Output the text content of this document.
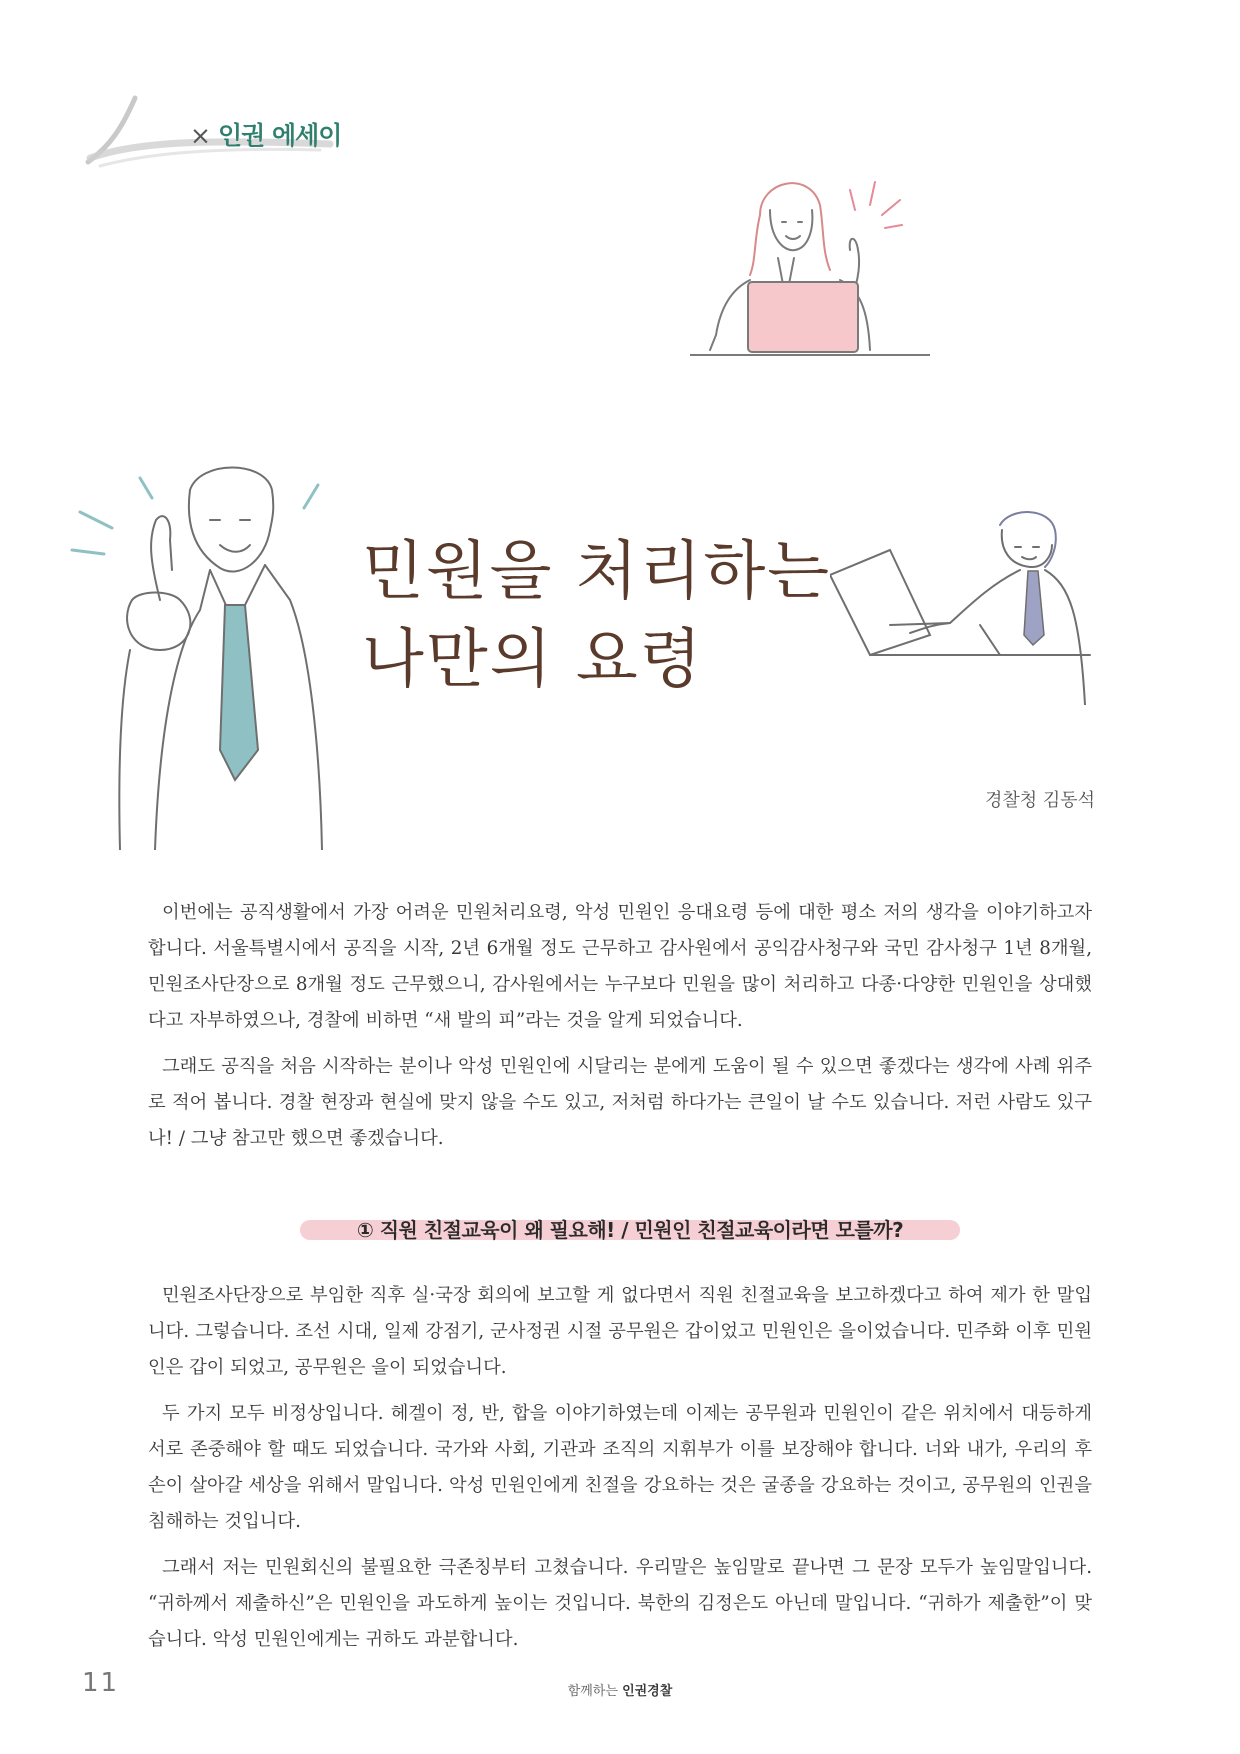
× 인권 에세이
민원을 처리하는
나만의 요령
경찰청 김동석

이번에는 공직생활에서 가장 어려운 민원처리요령, 악성 민원인 응대요령 등에 대한 평소 저의 생각을 이야기하고자 합니다. 서울특별시에서 공직을 시작, 2년 6개월 정도 근무하고 감사원에서 공익감사청구와 국민 감사청구 1년 8개월, 민원조사단장으로 8개월 정도 근무했으니, 감사원에서는 누구보다 민원을 많이 처리하고 다종·다양한 민원인을 상대했다고 자부하였으나, 경찰에 비하면 “새 발의 피”라는 것을 알게 되었습니다.

그래도 공직을 처음 시작하는 분이나 악성 민원인에 시달리는 분에게 도움이 될 수 있으면 좋겠다는 생각에 사례 위주로 적어 봅니다. 경찰 현장과 현실에 맞지 않을 수도 있고, 저처럼 하다가는 큰일이 날 수도 있습니다. 저런 사람도 있구나! / 그냥 참고만 했으면 좋겠습니다.

① 직원 친절교육이 왜 필요해! / 민원인 친절교육이라면 모를까?

민원조사단장으로 부임한 직후 실·국장 회의에 보고할 게 없다면서 직원 친절교육을 보고하겠다고 하여 제가 한 말입니다. 그렇습니다. 조선 시대, 일제 강점기, 군사정권 시절 공무원은 갑이었고 민원인은 을이었습니다. 민주화 이후 민원인은 갑이 되었고, 공무원은 을이 되었습니다.

두 가지 모두 비정상입니다. 헤겔이 정, 반, 합을 이야기하였는데 이제는 공무원과 민원인이 같은 위치에서 대등하게 서로 존중해야 할 때도 되었습니다. 국가와 사회, 기관과 조직의 지휘부가 이를 보장해야 합니다. 너와 내가, 우리의 후손이 살아갈 세상을 위해서 말입니다. 악성 민원인에게 친절을 강요하는 것은 굴종을 강요하는 것이고, 공무원의 인권을 침해하는 것입니다.

그래서 저는 민원회신의 불필요한 극존칭부터 고쳤습니다. 우리말은 높임말로 끝나면 그 문장 모두가 높임말입니다. “귀하께서 제출하신”은 민원인을 과도하게 높이는 것입니다. 북한의 김정은도 아닌데 말입니다. “귀하가 제출한”이 맞습니다. 악성 민원인에게는 귀하도 과분합니다.

11	함께하는 인권경찰
